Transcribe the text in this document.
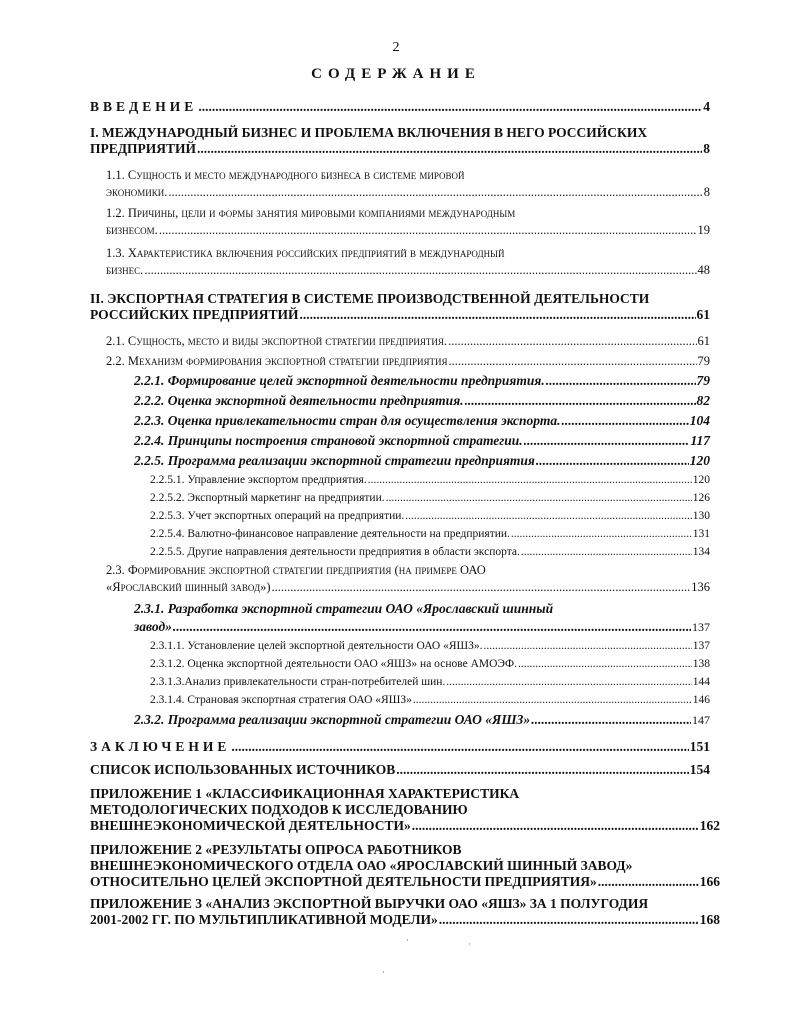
2
СОДЕРЖАНИЕ
ВВЕДЕНИЕ .....	4
I. МЕЖДУНАРОДНЫЙ БИЗНЕС И ПРОБЛЕМА ВКЛЮЧЕНИЯ В НЕГО РОССИЙСКИХ
ПРЕДПРИЯТИЙ .....	8
1.1. Сущность и место международного бизнеса в системе мировой
экономики. .....	8
1.2. Причины, цели и формы занятия мировыми компаниями международным
бизнесом. .....	19
1.3. Характеристика включения российских предприятий в международный
бизнес. .....	48
II. ЭКСПОРТНАЯ СТРАТЕГИЯ В СИСТЕМЕ ПРОИЗВОДСТВЕННОЙ ДЕЯТЕЛЬНОСТИ
РОССИЙСКИХ ПРЕДПРИЯТИЙ .....	61
2.1. Сущность, место и виды экспортной стратегии предприятия. .....	61
2.2. Механизм формирования экспортной стратегии предприятия .....	79
2.2.1. Формирование целей экспортной деятельности предприятия. .....	79
2.2.2. Оценка экспортной деятельности предприятия. .....	82
2.2.3. Оценка привлекательности стран для осуществления экспорта. .....	104
2.2.4. Принципы построения страновой экспортной стратегии. .....	117
2.2.5. Программа реализации экспортной стратегии предприятия .....	120
2.2.5.1. Управление экспортом предприятия. .....	120
2.2.5.2. Экспортный маркетинг на предприятии. .....	126
2.2.5.3. Учет экспортных операций на предприятии. .....	130
2.2.5.4. Валютно-финансовое направление деятельности на предприятии. .....	131
2.2.5.5. Другие направления деятельности предприятия в области экспорта. .....	134
2.3. Формирование экспортной стратегии предприятия (на примере ОАО
«Ярославский шинный завод») .....	136
2.3.1. Разработка экспортной стратегии ОАО «Ярославский шинный
завод» .....	137
2.3.1.1. Установление целей экспортной деятельности ОАО «ЯШЗ». .....	137
2.3.1.2. Оценка экспортной деятельности ОАО «ЯШЗ» на основе АМОЭФ. .....	138
2.3.1.3.Анализ привлекательности стран-потребителей шин. .....	144
2.3.1.4. Страновая экспортная стратегия ОАО «ЯШЗ» .....	146
2.3.2. Программа реализации экспортной стратегии ОАО «ЯШЗ» .....	147
ЗАКЛЮЧЕНИЕ .....	151
СПИСОК ИСПОЛЬЗОВАННЫХ ИСТОЧНИКОВ .....	154
ПРИЛОЖЕНИЕ 1 «КЛАССИФИКАЦИОННАЯ ХАРАКТЕРИСТИКА
МЕТОДОЛОГИЧЕСКИХ ПОДХОДОВ К ИССЛЕДОВАНИЮ
ВНЕШНЕЭКОНОМИЧЕСКОЙ ДЕЯТЕЛЬНОСТИ» .....	162
ПРИЛОЖЕНИЕ 2 «РЕЗУЛЬТАТЫ ОПРОСА РАБОТНИКОВ
ВНЕШНЕЭКОНОМИЧЕСКОГО ОТДЕЛА ОАО «ЯРОСЛАВСКИЙ ШИННЫЙ ЗАВОД»
ОТНОСИТЕЛЬНО ЦЕЛЕЙ ЭКСПОРТНОЙ ДЕЯТЕЛЬНОСТИ ПРЕДПРИЯТИЯ» .....	166
ПРИЛОЖЕНИЕ 3 «АНАЛИЗ ЭКСПОРТНОЙ ВЫРУЧКИ ОАО «ЯШЗ» ЗА 1 ПОЛУГОДИЯ
2001-2002 ГГ. ПО МУЛЬТИПЛИКАТИВНОЙ МОДЕЛИ» .....	168
·	·
·
